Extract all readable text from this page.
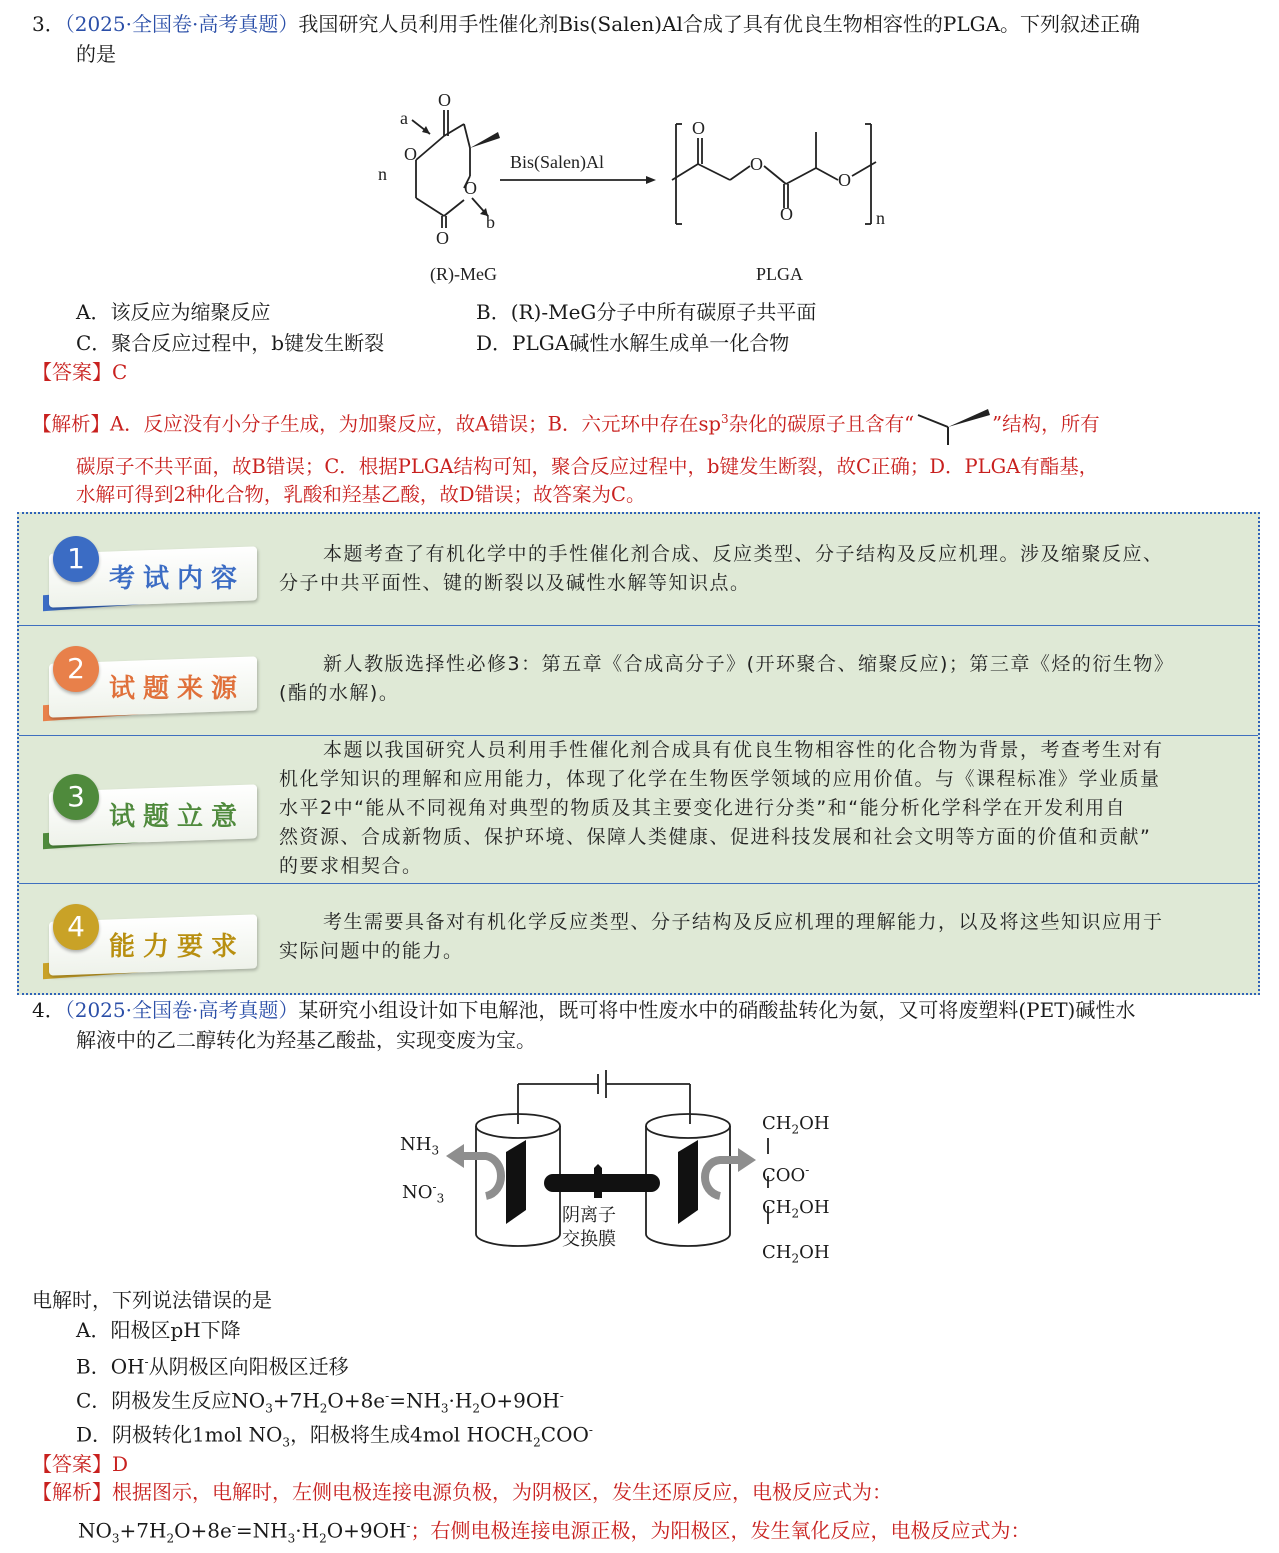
3．（2025·全国卷·高考真题）我国研究人员利用手性催化剂Bis(Salen)Al合成了具有优良生物相容性的PLGA。下列叙述正确
的是
O
O
O
O
a
b
n
Bis(Salen)Al
O
O
O
O
n
(R)-MeG	PLGA
A．该反应为缩聚反应	B．(R)-MeG分子中所有碳原子共平面
C．聚合反应过程中，b键发生断裂	D．PLGA碱性水解生成单一化合物
【答案】C
【解析】A．反应没有小分子生成，为加聚反应，故A错误；B．六元环中存在$sp^3$杂化的碳原子且含有“	”结构，所有
碳原子不共平面，故B错误；C．根据PLGA结构可知，聚合反应过程中，b键发生断裂，故C正确；D．PLGA有酯基，
水解可得到2种化合物，乳酸和羟基乙酸，故D错误；故答案为C。
1
考试内容
本题考查了有机化学中的手性催化剂合成、反应类型、分子结构及反应机理。涉及缩聚反应、
分子中共平面性、键的断裂以及碱性水解等知识点。
2
试题来源
新人教版选择性必修3：第五章《合成高分子》(开环聚合、缩聚反应)；第三章《烃的衍生物》
(酯的水解)。
3
试题立意
本题以我国研究人员利用手性催化剂合成具有优良生物相容性的化合物为背景，考查考生对有
机化学知识的理解和应用能力，体现了化学在生物医学领域的应用价值。与《课程标准》学业质量
水平2中“能从不同视角对典型的物质及其主要变化进行分类”和“能分析化学科学在开发利用自
然资源、合成新物质、保护环境、保障人类健康、促进科技发展和社会文明等方面的价值和贡献”
的要求相契合。
4
能力要求
考生需要具备对有机化学反应类型、分子结构及反应机理的理解能力，以及将这些知识应用于
实际问题中的能力。
4．（2025·全国卷·高考真题）某研究小组设计如下电解池，既可将中性废水中的硝酸盐转化为氨，又可将废塑料(PET)碱性水
解液中的乙二醇转化为羟基乙酸盐，实现变废为宝。
$NH_3$
$NO^-_3$
阴离子
交换膜
$CH_2OH$
COO-
$CH_2OH$
$CH_2OH$
电解时，下列说法错误的是
A．阳极区pH下降
B．OH-从阴极区向阳极区迁移
C．阴极发生反应$NO_3+7H_2O+8e^-=NH_3\cdot H_2O+9OH^-$
D．阴极转化1mol $NO_3$，阳极将生成4mol $HOCH_2COO^-$
【答案】D
【解析】根据图示，电解时，左侧电极连接电源负极，为阴极区，发生还原反应，电极反应式为：
$NO_3+7H_2O+8e^-=NH_3\cdot H_2O+9OH^-$；右侧电极连接电源正极，为阳极区，发生氧化反应，电极反应式为：
